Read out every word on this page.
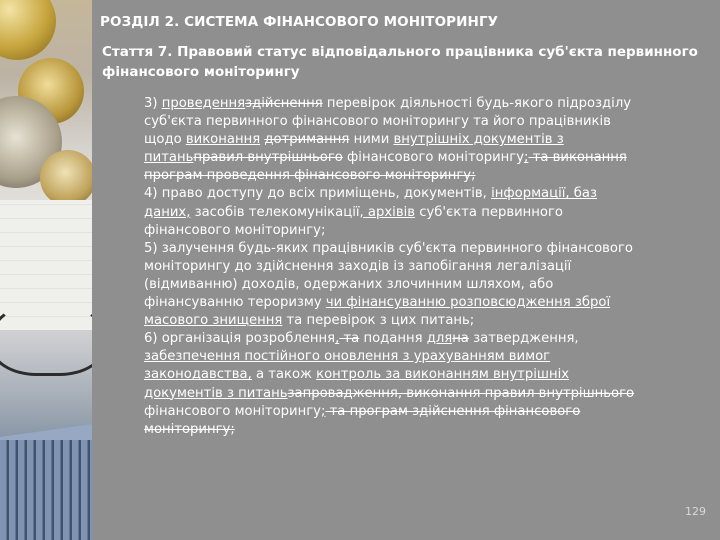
РОЗДІЛ 2. СИСТЕМА ФІНАНСОВОГО МОНІТОРИНГУ
Стаття 7. Правовий статус відповідального працівника суб'єкта первинного фінансового моніторингу
3) проведенняздійснення перевірок діяльності будь-якого підрозділу
суб'єкта первинного фінансового моніторингу та його працівників
щодо виконання дотримання ними внутрішніх документів з
питаньправил внутрішнього фінансового моніторингу; та виконання
програм проведення фінансового моніторингу;
4) право доступу до всіх приміщень, документів, інформації, баз
даних, засобів телекомунікації, архівів суб'єкта первинного
фінансового моніторингу;
5) залучення будь-яких працівників суб'єкта первинного фінансового
моніторингу до здійснення заходів із запобігання легалізації
(відмиванню) доходів, одержаних злочинним шляхом, або
фінансуванню тероризму чи фінансуванню розповсюдження зброї
масового знищення та перевірок з цих питань;
6) організація розроблення, та подання дляна затвердження,
забезпечення постійного оновлення з урахуванням вимог
законодавства, а також контроль за виконанням внутрішніх
документів з питаньзапровадження, виконання правил внутрішнього
фінансового моніторингу; та програм здійснення фінансового
моніторингу;
129
